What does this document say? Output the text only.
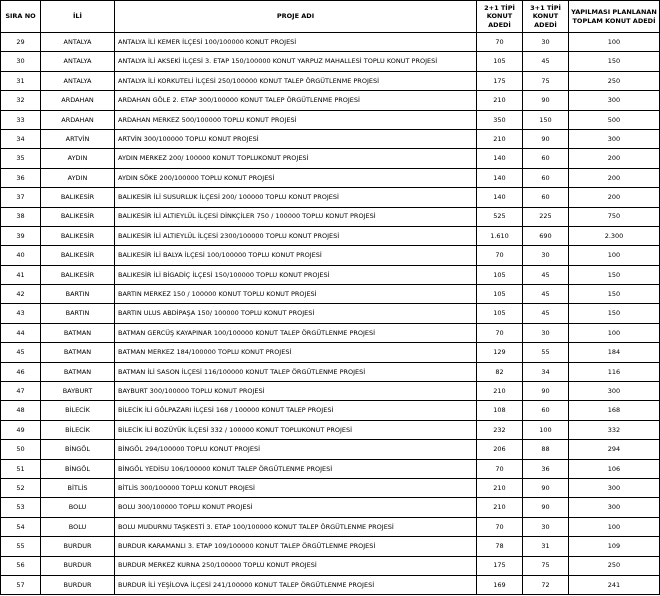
SIRA NO	İLİ	PROJE ADI	2+1 TİPİ KONUT ADEDİ	3+1 TİPİ KONUT ADEDİ	YAPILMASI PLANLANAN TOPLAM KONUT ADEDİ
29	ANTALYA	ANTALYA İLİ KEMER İLÇESİ 100/100000 KONUT PROJESİ	70	30	100
30	ANTALYA	ANTALYA İLİ AKSEKİ İLÇESİ 3. ETAP 150/100000 KONUT YARPUZ MAHALLESİ TOPLU KONUT PROJESİ	105	45	150
31	ANTALYA	ANTALYA İLİ KORKUTELİ İLÇESİ 250/100000 KONUT TALEP ÖRGÜTLENME PROJESİ	175	75	250
32	ARDAHAN	ARDAHAN GÖLE 2. ETAP 300/100000 KONUT TALEP ÖRGÜTLENME PROJESİ	210	90	300
33	ARDAHAN	ARDAHAN MERKEZ 500/100000 TOPLU KONUT PROJESİ	350	150	500
34	ARTVİN	ARTVİN 300/100000 TOPLU KONUT PROJESİ	210	90	300
35	AYDIN	AYDIN MERKEZ 200/ 100000 KONUT TOPLUKONUT PROJESİ	140	60	200
36	AYDIN	AYDIN SÖKE 200/100000 TOPLU KONUT PROJESİ	140	60	200
37	BALIKESİR	BALIKESİR İLİ SUSURLUK İLÇESİ 200/ 100000 TOPLU KONUT PROJESİ	140	60	200
38	BALIKESİR	BALIKESİR İLİ ALTIEYLÜL İLÇESİ DİNKÇİLER 750 / 100000 TOPLU KONUT PROJESİ	525	225	750
39	BALIKESİR	BALIKESİR İLİ ALTIEYLÜL İLÇESİ 2300/100000 TOPLU KONUT PROJESİ	1.610	690	2.300
40	BALIKESİR	BALIKESİR İLİ BALYA İLÇESİ 100/100000 TOPLU KONUT PROJESİ	70	30	100
41	BALIKESİR	BALIKESİR İLİ BİGADİÇ İLÇESİ 150/100000 TOPLU KONUT PROJESİ	105	45	150
42	BARTIN	BARTIN MERKEZ 150 / 100000 KONUT TOPLU KONUT PROJESİ	105	45	150
43	BARTIN	BARTIN ULUS ABDİPAŞA 150/ 100000 TOPLU KONUT PROJESİ	105	45	150
44	BATMAN	BATMAN GERCÜŞ KAYAPINAR 100/100000 KONUT TALEP ÖRGÜTLENME PROJESİ	70	30	100
45	BATMAN	BATMAN MERKEZ 184/100000 TOPLU KONUT PROJESİ	129	55	184
46	BATMAN	BATMAN İLİ SASON İLÇESİ 116/100000 KONUT TALEP ÖRGÜTLENME PROJESİ	82	34	116
47	BAYBURT	BAYBURT 300/100000 TOPLU KONUT PROJESİ	210	90	300
48	BİLECİK	BİLECİK İLİ GÖLPAZARI İLÇESİ 168 / 100000 KONUT TALEP PROJESİ	108	60	168
49	BİLECİK	BİLECİK İLİ BOZÜYÜK İLÇESİ 332 / 100000 KONUT TOPLUKONUT PROJESİ	232	100	332
50	BİNGÖL	BİNGÖL 294/100000 TOPLU KONUT PROJESİ	206	88	294
51	BİNGÖL	BİNGÖL YEDİSU 106/100000 KONUT TALEP ÖRGÜTLENME PROJESİ	70	36	106
52	BİTLİS	BİTLİS 300/100000 TOPLU KONUT PROJESİ	210	90	300
53	BOLU	BOLU 300/100000 TOPLU KONUT PROJESİ	210	90	300
54	BOLU	BOLU MUDURNU TAŞKESTİ 3. ETAP 100/100000 KONUT TALEP ÖRGÜTLENME PROJESİ	70	30	100
55	BURDUR	BURDUR KARAMANLI 3. ETAP 109/100000 KONUT TALEP ÖRGÜTLENME PROJESİ	78	31	109
56	BURDUR	BURDUR MERKEZ KURNA 250/100000 TOPLU KONUT PROJESİ	175	75	250
57	BURDUR	BURDUR İLİ YEŞİLOVA İLÇESİ 241/100000 KONUT TALEP ÖRGÜTLENME PROJESİ	169	72	241
